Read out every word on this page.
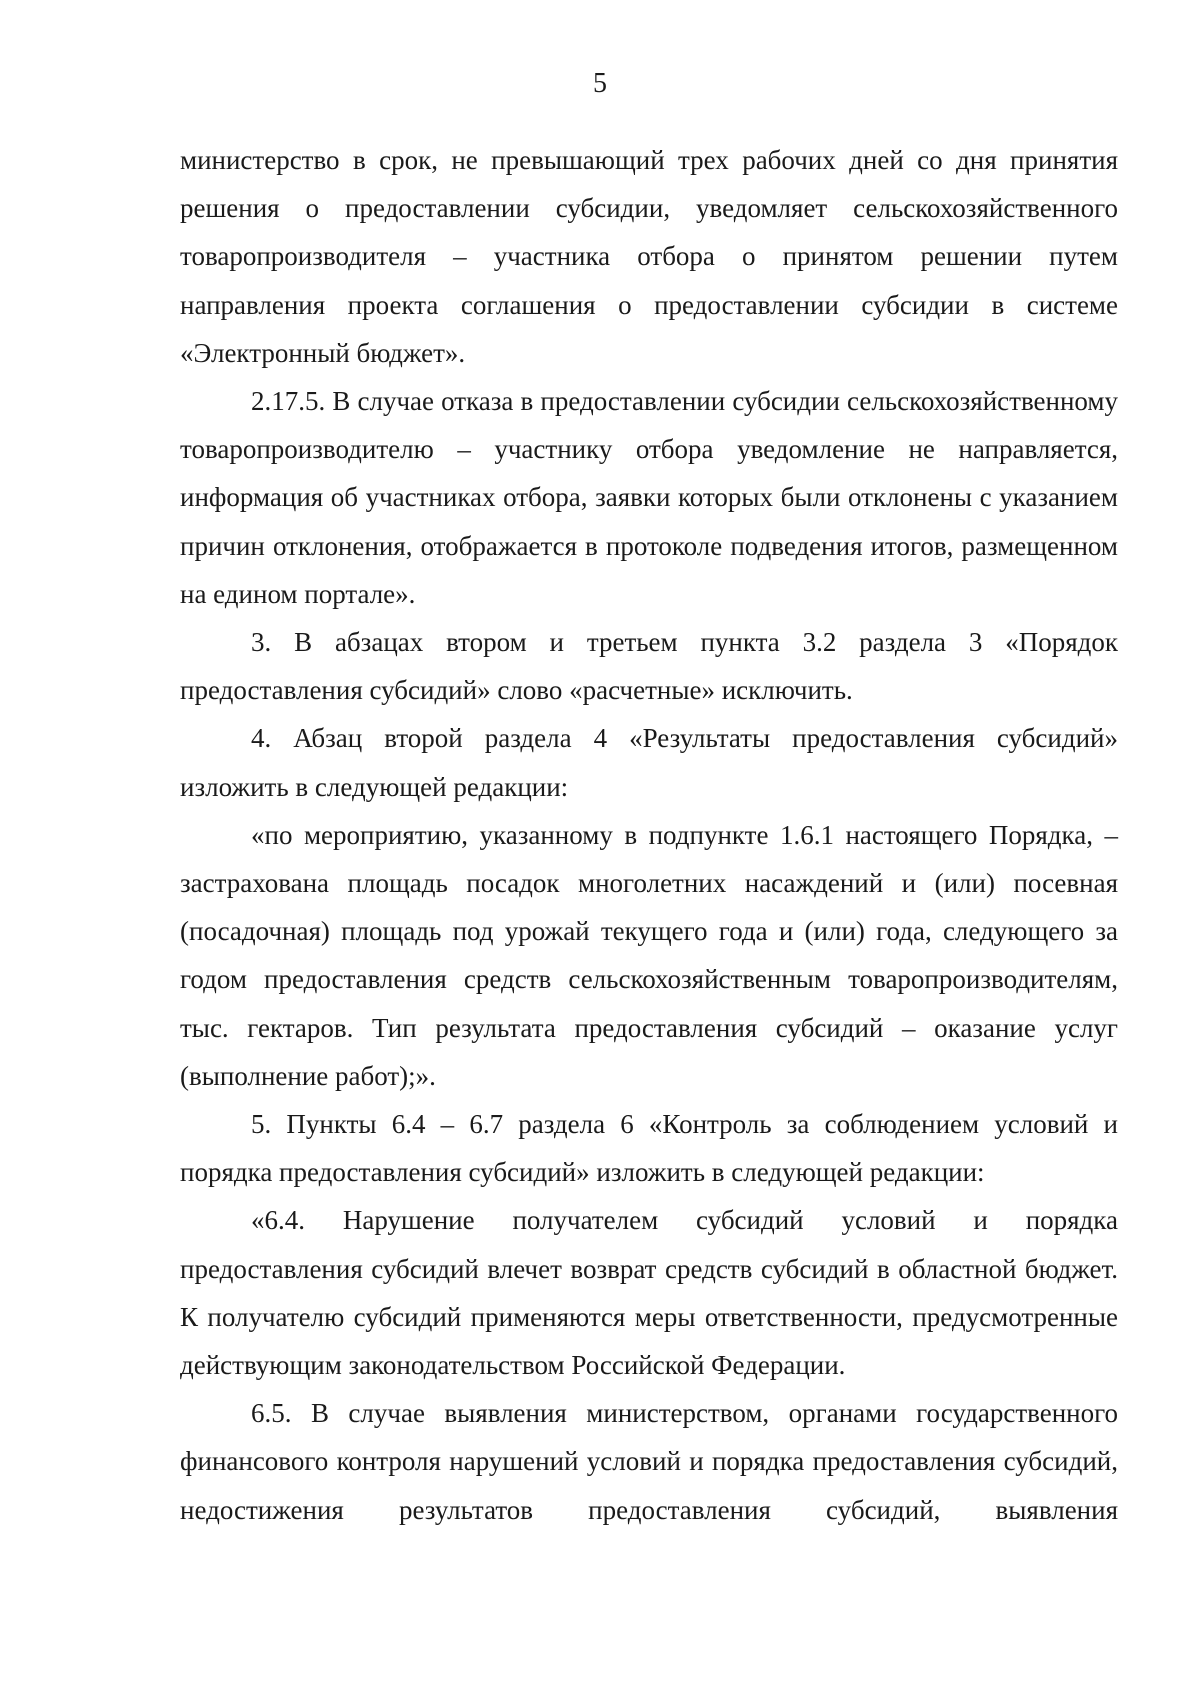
5

министерство в срок, не превышающий трех рабочих дней со дня принятия решения о предоставлении субсидии, уведомляет сельскохозяйственного товаропроизводителя – участника отбора о принятом решении путем направления проекта соглашения о предоставлении субсидии в системе «Электронный бюджет».

2.17.5. В случае отказа в предоставлении субсидии сельскохозяйственному товаропроизводителю – участнику отбора уведомление не направляется, информация об участниках отбора, заявки которых были отклонены с указанием причин отклонения, отображается в протоколе подведения итогов, размещенном на едином портале».

3. В абзацах втором и третьем пункта 3.2 раздела 3 «Порядок предоставления субсидий» слово «расчетные» исключить.

4. Абзац второй раздела 4 «Результаты предоставления субсидий» изложить в следующей редакции:

«по мероприятию, указанному в подпункте 1.6.1 настоящего Порядка, – застрахована площадь посадок многолетних насаждений и (или) посевная (посадочная) площадь под урожай текущего года и (или) года, следующего за годом предоставления средств сельскохозяйственным товаропроизводителям, тыс. гектаров. Тип результата предоставления субсидий – оказание услуг (выполнение работ);».

5. Пункты 6.4 – 6.7 раздела 6 «Контроль за соблюдением условий и порядка предоставления субсидий» изложить в следующей редакции:

«6.4. Нарушение получателем субсидий условий и порядка предоставления субсидий влечет возврат средств субсидий в областной бюджет. К получателю субсидий применяются меры ответственности, предусмотренные действующим законодательством Российской Федерации.

6.5. В случае выявления министерством, органами государственного финансового контроля нарушений условий и порядка предоставления субсидий, недостижения результатов предоставления субсидий, выявления
